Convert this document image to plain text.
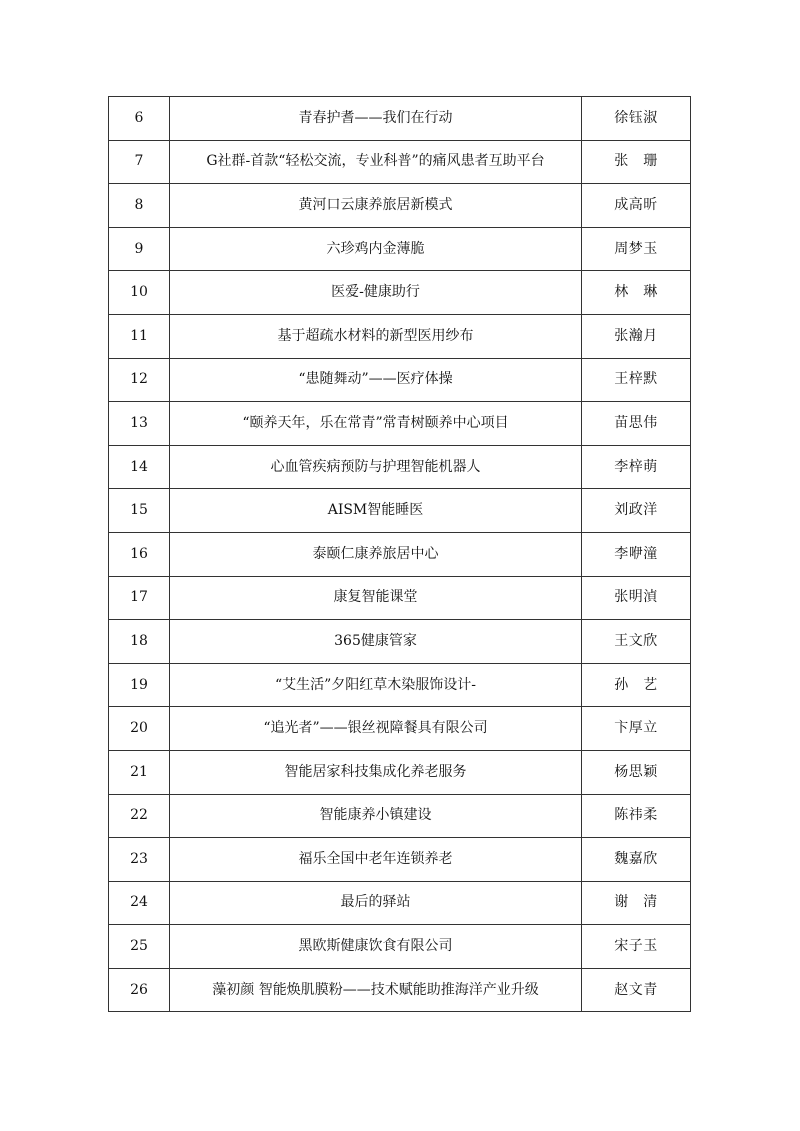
6	青春护耆——我们在行动	徐钰淑
7	G社群-首款“轻松交流，专业科普”的痛风患者互助平台	张　珊
8	黄河口云康养旅居新模式	成高昕
9	六珍鸡内金薄脆	周梦玉
10	医爱-健康助行	林　琳
11	基于超疏水材料的新型医用纱布	张瀚月
12	“患随舞动”——医疗体操	王梓默
13	“颐养天年，乐在常青”常青树颐养中心项目	苗思伟
14	心血管疾病预防与护理智能机器人	李梓萌
15	AISM智能睡医	刘政洋
16	泰颐仁康养旅居中心	李咿潼
17	康复智能课堂	张明湞
18	365健康管家	王文欣
19	“艾生活”夕阳红草木染服饰设计-	孙　艺
20	“追光者”——银丝视障餐具有限公司	卞厚立
21	智能居家科技集成化养老服务	杨思颖
22	智能康养小镇建设	陈祎柔
23	福乐全国中老年连锁养老	魏嘉欣
24	最后的驿站	谢　清
25	黑欧斯健康饮食有限公司	宋子玉
26	藻初颜 智能焕肌膜粉——技术赋能助推海洋产业升级	赵文青
